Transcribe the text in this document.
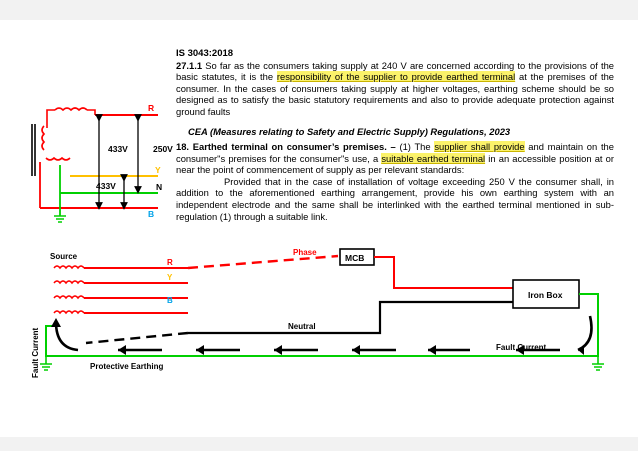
IS 3043:2018
27.1.1 So far as the consumers taking supply at 240 V are concerned according to the provisions of the basic statutes, it is the responsibility of the supplier to provide earthed terminal at the premises of the consumer. In the cases of consumers taking supply at higher voltages, earthing scheme should be so designed as to satisfy the basic statutory requirements and also to provide adequate protection against ground faults
CEA (Measures relating to Safety and Electric Supply) Regulations, 2023
18. Earthed terminal on consumer’s premises. – (1) The supplier shall provide and maintain on the consumer"s premises for the consumer"s use, a suitable earthed terminal in an accessible position at or near the point of commencement of supply as per relevant standards:
Provided that in the case of installation of voltage exceeding 250 V the consumer shall, in addition to the aforementioned earthing arrangement, provide his own earthing system with an independent electrode and the same shall be interlinked with the earthed terminal mentioned in sub-regulation (1) through a suitable link.
R
Y
N
B
433V	250V
433V
MCB
Iron Box
Source
R
Y
B
Phase
Neutral
Fault Current
Protective Earthing
Fault Current
